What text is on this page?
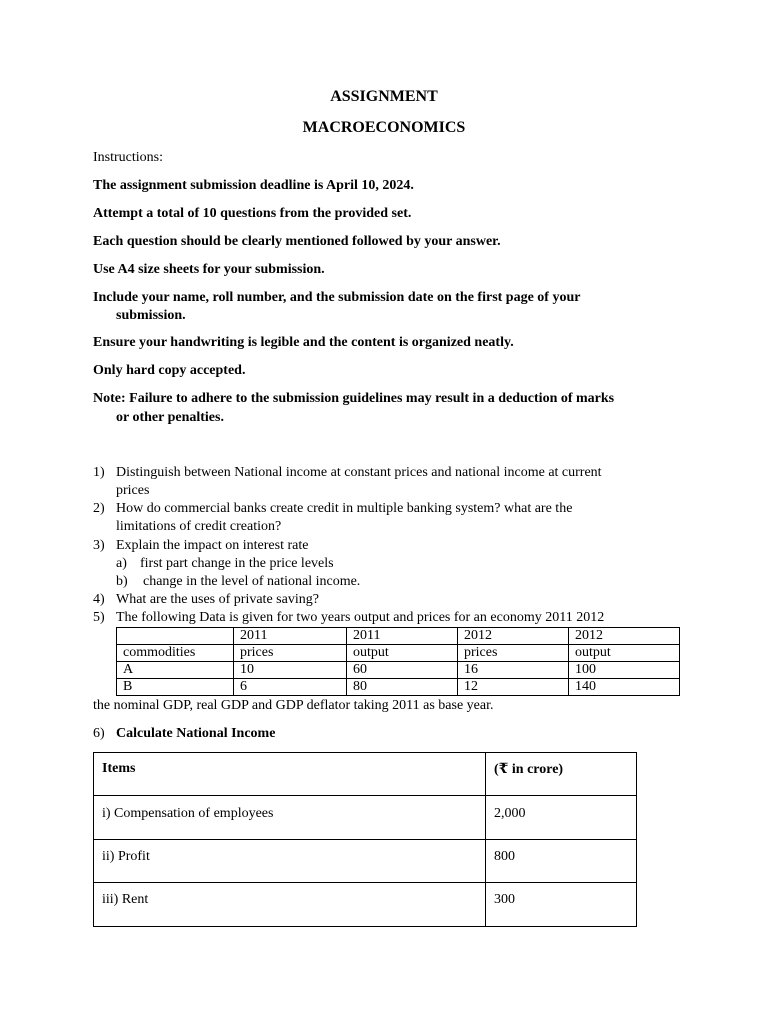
ASSIGNMENT
MACROECONOMICS
Instructions:
The assignment submission deadline is April 10, 2024.
Attempt a total of 10 questions from the provided set.
Each question should be clearly mentioned followed by your answer.
Use A4 size sheets for your submission.
Include your name, roll number, and the submission date on the first page of your
submission.
Ensure your handwriting is legible and the content is organized neatly.
Only hard copy accepted.
Note: Failure to adhere to the submission guidelines may result in a deduction of marks
or other penalties.
1) Distinguish between National income at constant prices and national income at current
prices
2) How do commercial banks create credit in multiple banking system? what are the
limitations of credit creation?
3) Explain the impact on interest rate
a) first part change in the price levels
b) change in the level of national income.
4) What are the uses of private saving?
5) The following Data is given for two years output and prices for an economy 2011 2012
	2011	2011	2012	2012
commodities	prices	output	prices	output
A	10	60	16	100
B	6	80	12	140
the nominal GDP, real GDP and GDP deflator taking 2011 as base year.
6) Calculate National Income
Items	(₹ in crore)
i) Compensation of employees	2,000
ii) Profit	800
iii) Rent	300
